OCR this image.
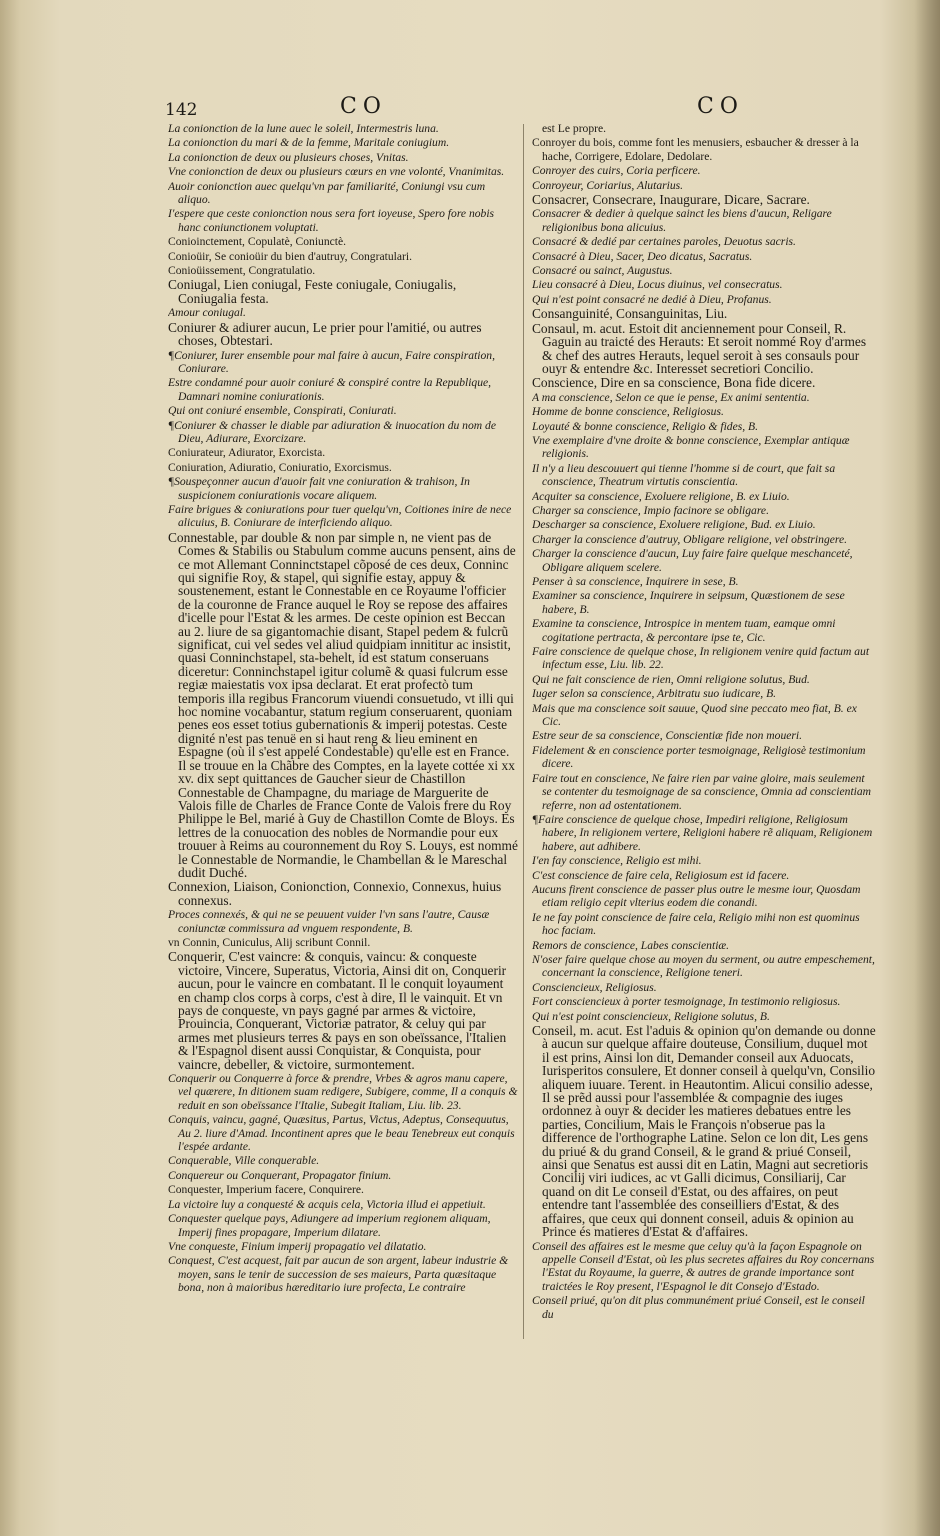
142	CO	CO
La conionction de la lune auec le soleil, Intermestris luna.
La conionction du mari & de la femme, Maritale coniugium.
La conionction de deux ou plusieurs choses, Vnitas.
Vne conionction de deux ou plusieurs cœurs en vne volonté, Vnanimitas.
Auoir conionction auec quelqu'vn par familiarité, Coniungi vsu cum aliquo.
I'espere que ceste conionction nous sera fort ioyeuse, Spero fore nobis hanc coniunctionem voluptati.
Conioinctement, Copulatè, Coniunctè.
Conioüir, Se conioüir du bien d'autruy, Congratulari.
Conioüissement, Congratulatio.
Coniugal, Lien coniugal, Feste coniugale, Coniugalis, Coniugalia festa.
Amour coniugal.
Coniurer & adiurer aucun, Le prier pour l'amitié, ou autres choses, Obtestari.
¶Coniurer, Iurer ensemble pour mal faire à aucun, Faire conspiration, Coniurare.
Estre condamné pour auoir coniuré & conspiré contre la Republique, Damnari nomine coniurationis.
Qui ont coniuré ensemble, Conspirati, Coniurati.
¶Coniurer & chasser le diable par adiuration & inuocation du nom de Dieu, Adiurare, Exorcizare.
Coniurateur, Adiurator, Exorcista.
Coniuration, Adiuratio, Coniuratio, Exorcismus.
¶Souspeçonner aucun d'auoir fait vne coniuration & trahison, In suspicionem coniurationis vocare aliquem.
Faire brigues & coniurations pour tuer quelqu'vn, Coitiones inire de nece alicuius, B. Coniurare de interficiendo aliquo.
Connestable, par double & non par simple n, ne vient pas de Comes & Stabilis ou Stabulum comme aucuns pensent, ains de ce mot Allemant Conninctstapel cõposé de ces deux, Conninc qui signifie Roy, & stapel, qui signifie estay, appuy & soustenement, estant le Connestable en ce Royaume l'officier de la couronne de France auquel le Roy se repose des affaires d'icelle pour l'Estat & les armes. De ceste opinion est Beccan au 2. liure de sa gigantomachie disant, Stapel pedem & fulcrũ significat, cui vel sedes vel aliud quidpiam innititur ac insistit, quasi Conninchstapel, sta-behelt, id est statum conseruans diceretur: Conninchstapel igitur columẽ & quasi fulcrum esse regiæ maiestatis vox ipsa declarat. Et erat profectò tum temporis illa regibus Francorum viuendi consuetudo, vt illi qui hoc nomine vocabantur, statum regium conseruarent, quoniam penes eos esset totius gubernationis & imperij potestas. Ceste dignité n'est pas tenuë en si haut reng & lieu eminent en Espagne (où il s'est appelé Condestable) qu'elle est en France. Il se trouue en la Chãbre des Comptes, en la layete cottée xi xx xv. dix sept quittances de Gaucher sieur de Chastillon Connestable de Champagne, du mariage de Marguerite de Valois fille de Charles de France Conte de Valois frere du Roy Philippe le Bel, marié à Guy de Chastillon Comte de Bloys. Es lettres de la conuocation des nobles de Normandie pour eux trouuer à Reims au couronnement du Roy S. Louys, est nommé le Connestable de Normandie, le Chambellan & le Mareschal dudit Duché.
Connexion, Liaison, Conionction, Connexio, Connexus, huius connexus.
Proces connexés, & qui ne se peuuent vuider l'vn sans l'autre, Causæ coniunctæ commissura ad vnguem respondente, B.
vn Connin, Cuniculus, Alij scribunt Connil.
Conquerir, C'est vaincre: & conquis, vaincu: & conqueste victoire, Vincere, Superatus, Victoria, Ainsi dit on, Conquerir aucun, pour le vaincre en combatant. Il le conquit loyaument en champ clos corps à corps, c'est à dire, Il le vainquit. Et vn pays de conqueste, vn pays gagné par armes & victoire, Prouincia, Conquerant, Victoriæ patrator, & celuy qui par armes met plusieurs terres & pays en son obeïssance, l'Italien & l'Espagnol disent aussi Conquistar, & Conquista, pour vaincre, debeller, & victoire, surmontement.
Conquerir ou Conquerre à force & prendre, Vrbes & agros manu capere, vel quærere, In ditionem suam redigere, Subigere, comme, Il a conquis & reduit en son obeïssance l'Italie, Subegit Italiam, Liu. lib. 23.
Conquis, vaincu, gagné, Quæsitus, Partus, Victus, Adeptus, Consequutus, Au 2. liure d'Amad. Incontinent apres que le beau Tenebreux eut conquis l'espée ardante.
Conquerable, Ville conquerable.
Conquereur ou Conquerant, Propagator finium.
Conquester, Imperium facere, Conquirere.
La victoire luy a conquesté & acquis cela, Victoria illud ei appetiuit.
Conquester quelque pays, Adiungere ad imperium regionem aliquam, Imperij fines propagare, Imperium dilatare.
Vne conqueste, Finium imperij propagatio vel dilatatio.
Conquest, C'est acquest, fait par aucun de son argent, labeur industrie & moyen, sans le tenir de succession de ses maieurs, Parta quæsitaque bona, non à maioribus hæreditario iure profecta, Le contraire
est Le propre.
Conroyer du bois, comme font les menusiers, esbaucher & dresser à la hache, Corrigere, Edolare, Dedolare.
Conroyer des cuirs, Coria perficere.
Conroyeur, Coriarius, Alutarius.
Consacrer, Consecrare, Inaugurare, Dicare, Sacrare.
Consacrer & dedier à quelque sainct les biens d'aucun, Religare religionibus bona alicuius.
Consacré & dedié par certaines paroles, Deuotus sacris.
Consacré à Dieu, Sacer, Deo dicatus, Sacratus.
Consacré ou sainct, Augustus.
Lieu consacré à Dieu, Locus diuinus, vel consecratus.
Qui n'est point consacré ne dedié à Dieu, Profanus.
Consanguinité, Consanguinitas, Liu.
Consaul, m. acut. Estoit dit anciennement pour Conseil, R. Gaguin au traicté des Herauts: Et seroit nommé Roy d'armes & chef des autres Herauts, lequel seroit à ses consauls pour ouyr & entendre &c. Interesset secretiori Concilio.
Conscience, Dire en sa conscience, Bona fide dicere.
A ma conscience, Selon ce que ie pense, Ex animi sententia.
Homme de bonne conscience, Religiosus.
Loyauté & bonne conscience, Religio & fides, B.
Vne exemplaire d'vne droite & bonne conscience, Exemplar antiquæ religionis.
Il n'y a lieu descouuert qui tienne l'homme si de court, que fait sa conscience, Theatrum virtutis conscientia.
Acquiter sa conscience, Exoluere religione, B. ex Liuio.
Charger sa conscience, Impio facinore se obligare.
Descharger sa conscience, Exoluere religione, Bud. ex Liuio.
Charger la conscience d'autruy, Obligare religione, vel obstringere.
Charger la conscience d'aucun, Luy faire faire quelque meschanceté, Obligare aliquem scelere.
Penser à sa conscience, Inquirere in sese, B.
Examiner sa conscience, Inquirere in seipsum, Quæstionem de sese habere, B.
Examine ta conscience, Introspice in mentem tuam, eamque omni cogitatione pertracta, & percontare ipse te, Cic.
Faire conscience de quelque chose, In religionem venire quid factum aut infectum esse, Liu. lib. 22.
Qui ne fait conscience de rien, Omni religione solutus, Bud.
Iuger selon sa conscience, Arbitratu suo iudicare, B.
Mais que ma conscience soit sauue, Quod sine peccato meo fiat, B. ex Cic.
Estre seur de sa conscience, Conscientiæ fide non moueri.
Fidelement & en conscience porter tesmoignage, Religiosè testimonium dicere.
Faire tout en conscience, Ne faire rien par vaine gloire, mais seulement se contenter du tesmoignage de sa conscience, Omnia ad conscientiam referre, non ad ostentationem.
¶Faire conscience de quelque chose, Impediri religione, Religiosum habere, In religionem vertere, Religioni habere rẽ aliquam, Religionem habere, aut adhibere.
I'en fay conscience, Religio est mihi.
C'est conscience de faire cela, Religiosum est id facere.
Aucuns firent conscience de passer plus outre le mesme iour, Quosdam etiam religio cepit vlterius eodem die conandi.
Ie ne fay point conscience de faire cela, Religio mihi non est quominus hoc faciam.
Remors de conscience, Labes conscientiæ.
N'oser faire quelque chose au moyen du serment, ou autre empeschement, concernant la conscience, Religione teneri.
Consciencieux, Religiosus.
Fort consciencieux à porter tesmoignage, In testimonio religiosus.
Qui n'est point consciencieux, Religione solutus, B.
Conseil, m. acut. Est l'aduis & opinion qu'on demande ou donne à aucun sur quelque affaire douteuse, Consilium, duquel mot il est prins, Ainsi lon dit, Demander conseil aux Aduocats, Iurisperitos consulere, Et donner conseil à quelqu'vn, Consilio aliquem iuuare. Terent. in Heautontim. Alicui consilio adesse, Il se prẽd aussi pour l'assemblée & compagnie des iuges ordonnez à ouyr & decider les matieres debatues entre les parties, Concilium, Mais le François n'obserue pas la difference de l'orthographe Latine. Selon ce lon dit, Les gens du priué & du grand Conseil, & le grand & priué Conseil, ainsi que Senatus est aussi dit en Latin, Magni aut secretioris Concilij viri iudices, ac vt Galli dicimus, Consiliarij, Car quand on dit Le conseil d'Estat, ou des affaires, on peut entendre tant l'assemblée des conseilliers d'Estat, & des affaires, que ceux qui donnent conseil, aduis & opinion au Prince és matieres d'Estat & d'affaires.
Conseil des affaires est le mesme que celuy qu'à la façon Espagnole on appelle Conseil d'Estat, où les plus secretes affaires du Roy concernans l'Estat du Royaume, la guerre, & autres de grande importance sont traictées le Roy present, l'Espagnol le dit Consejo d'Estado.
Conseil priué, qu'on dit plus communément priué Conseil, est le conseil du
